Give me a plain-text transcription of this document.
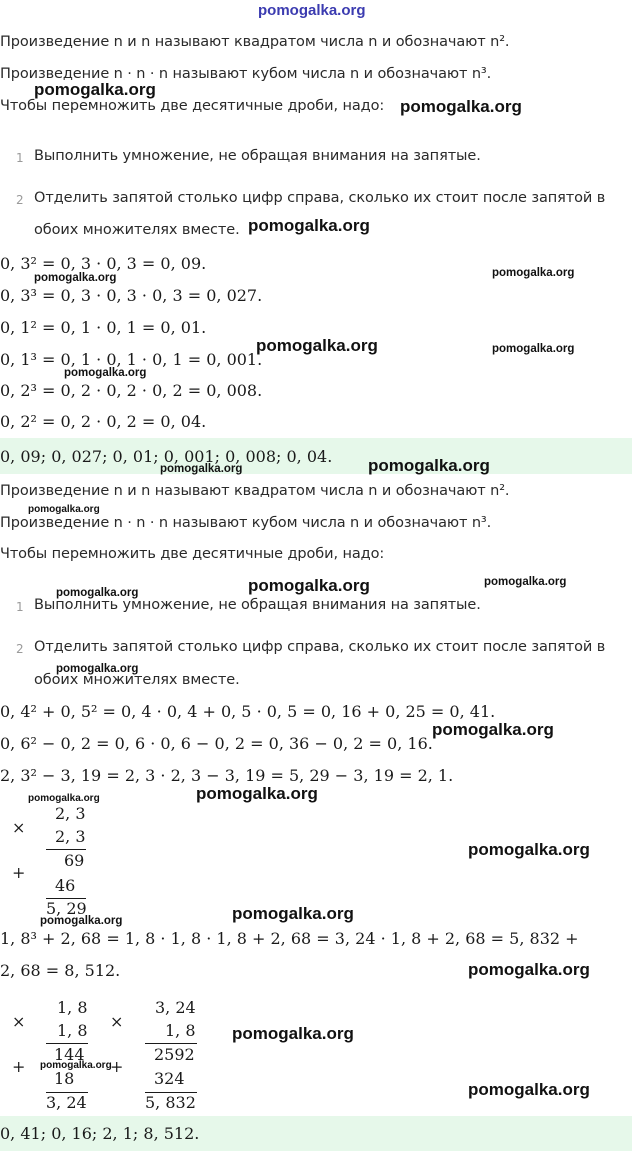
pomogalka.org
Произведение n и n называют квадратом числа n и обозначают n².
Произведение n · n · n называют кубом числа n и обозначают n³.
Чтобы перемножить две десятичные дроби, надо:
1 Выполнить умножение, не обращая внимания на запятые.
2 Отделить запятой столько цифр справа, сколько их стоит после запятой в
обоих множителях вместе.
0, 3² = 0, 3 · 0, 3 = 0, 09.
0, 3³ = 0, 3 · 0, 3 · 0, 3 = 0, 027.
0, 1² = 0, 1 · 0, 1 = 0, 01.
0, 1³ = 0, 1 · 0, 1 · 0, 1 = 0, 001.
0, 2³ = 0, 2 · 0, 2 · 0, 2 = 0, 008.
0, 2² = 0, 2 · 0, 2 = 0, 04.
0, 09; 0, 027; 0, 01; 0, 001; 0, 008; 0, 04.
Произведение n и n называют квадратом числа n и обозначают n².
Произведение n · n · n называют кубом числа n и обозначают n³.
Чтобы перемножить две десятичные дроби, надо:
1 Выполнить умножение, не обращая внимания на запятые.
2 Отделить запятой столько цифр справа, сколько их стоит после запятой в
обоих множителях вместе.
0, 4² + 0, 5² = 0, 4 · 0, 4 + 0, 5 · 0, 5 = 0, 16 + 0, 25 = 0, 41.
0, 6² − 0, 2 = 0, 6 · 0, 6 − 0, 2 = 0, 36 − 0, 2 = 0, 16.
2, 3² − 3, 19 = 2, 3 · 2, 3 − 3, 19 = 5, 29 − 3, 19 = 2, 1.
×
2, 3
2, 3
69
+
46
5, 29
1, 8³ + 2, 68 = 1, 8 · 1, 8 · 1, 8 + 2, 68 = 3, 24 · 1, 8 + 2, 68 = 5, 832 +
2, 68 = 8, 512.
×
1, 8
1, 8
144
+
18
3, 24
×
3, 24
1, 8
2592
+
324
5, 832
0, 41; 0, 16; 2, 1; 8, 512.
pomogalka.org
pomogalka.org
pomogalka.org
pomogalka.org	pomogalka.org
pomogalka.org	pomogalka.org
pomogalka.org
pomogalka.org
pomogalka.org
pomogalka.org
pomogalka.org	pomogalka.org
pomogalka.org
pomogalka.org
pomogalka.org
pomogalka.org
pomogalka.org
pomogalka.org
pomogalka.org
pomogalka.org
pomogalka.org
pomogalka.org
pomogalka.org
pomogalka.org
